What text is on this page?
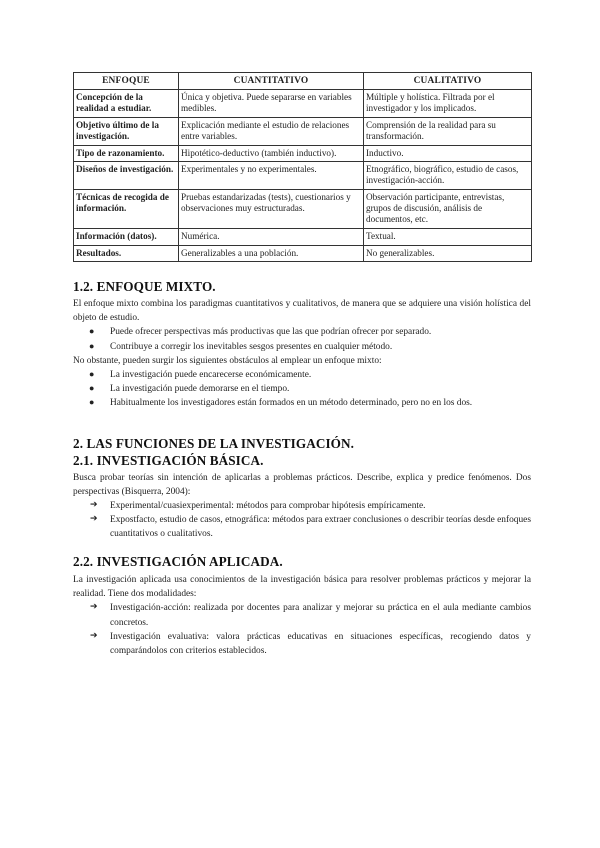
ENFOQUE	CUANTITATIVO	CUALITATIVO
Concepción de la realidad a estudiar.	Única y objetiva. Puede separarse en variables medibles.	Múltiple y holística. Filtrada por el investigador y los implicados.
Objetivo último de la investigación.	Explicación mediante el estudio de relaciones entre variables.	Comprensión de la realidad para su transformación.
Tipo de razonamiento.	Hipotético-deductivo (también inductivo).	Inductivo.
Diseños de investigación.	Experimentales y no experimentales.	Etnográfico, biográfico, estudio de casos, investigación-acción.
Técnicas de recogida de información.	Pruebas estandarizadas (tests), cuestionarios y observaciones muy estructuradas.	Observación participante, entrevistas, grupos de discusión, análisis de documentos, etc.
Información (datos).	Numérica.	Textual.
Resultados.	Generalizables a una población.	No generalizables.
1.2. ENFOQUE MIXTO.

El enfoque mixto combina los paradigmas cuantitativos y cualitativos, de manera que se adquiere una visión holística del objeto de estudio.

● Puede ofrecer perspectivas más productivas que las que podrían ofrecer por separado.
● Contribuye a corregir los inevitables sesgos presentes en cualquier método.

No obstante, pueden surgir los siguientes obstáculos al emplear un enfoque mixto:

● La investigación puede encarecerse económicamente.
● La investigación puede demorarse en el tiempo.
● Habitualmente los investigadores están formados en un método determinado, pero no en los dos.
2. LAS FUNCIONES DE LA INVESTIGACIÓN.
2.1. INVESTIGACIÓN BÁSICA.

Busca probar teorías sin intención de aplicarlas a problemas prácticos. Describe, explica y predice fenómenos. Dos perspectivas (Bisquerra, 2004):

➔ Experimental/cuasiexperimental: métodos para comprobar hipótesis empíricamente.
➔ Expostfacto, estudio de casos, etnográfica: métodos para extraer conclusiones o describir teorías desde enfoques cuantitativos o cualitativos.
2.2. INVESTIGACIÓN APLICADA.

La investigación aplicada usa conocimientos de la investigación básica para resolver problemas prácticos y mejorar la realidad. Tiene dos modalidades:

➔ Investigación-acción: realizada por docentes para analizar y mejorar su práctica en el aula mediante cambios concretos.
➔ Investigación evaluativa: valora prácticas educativas en situaciones específicas, recogiendo datos y comparándolos con criterios establecidos.
